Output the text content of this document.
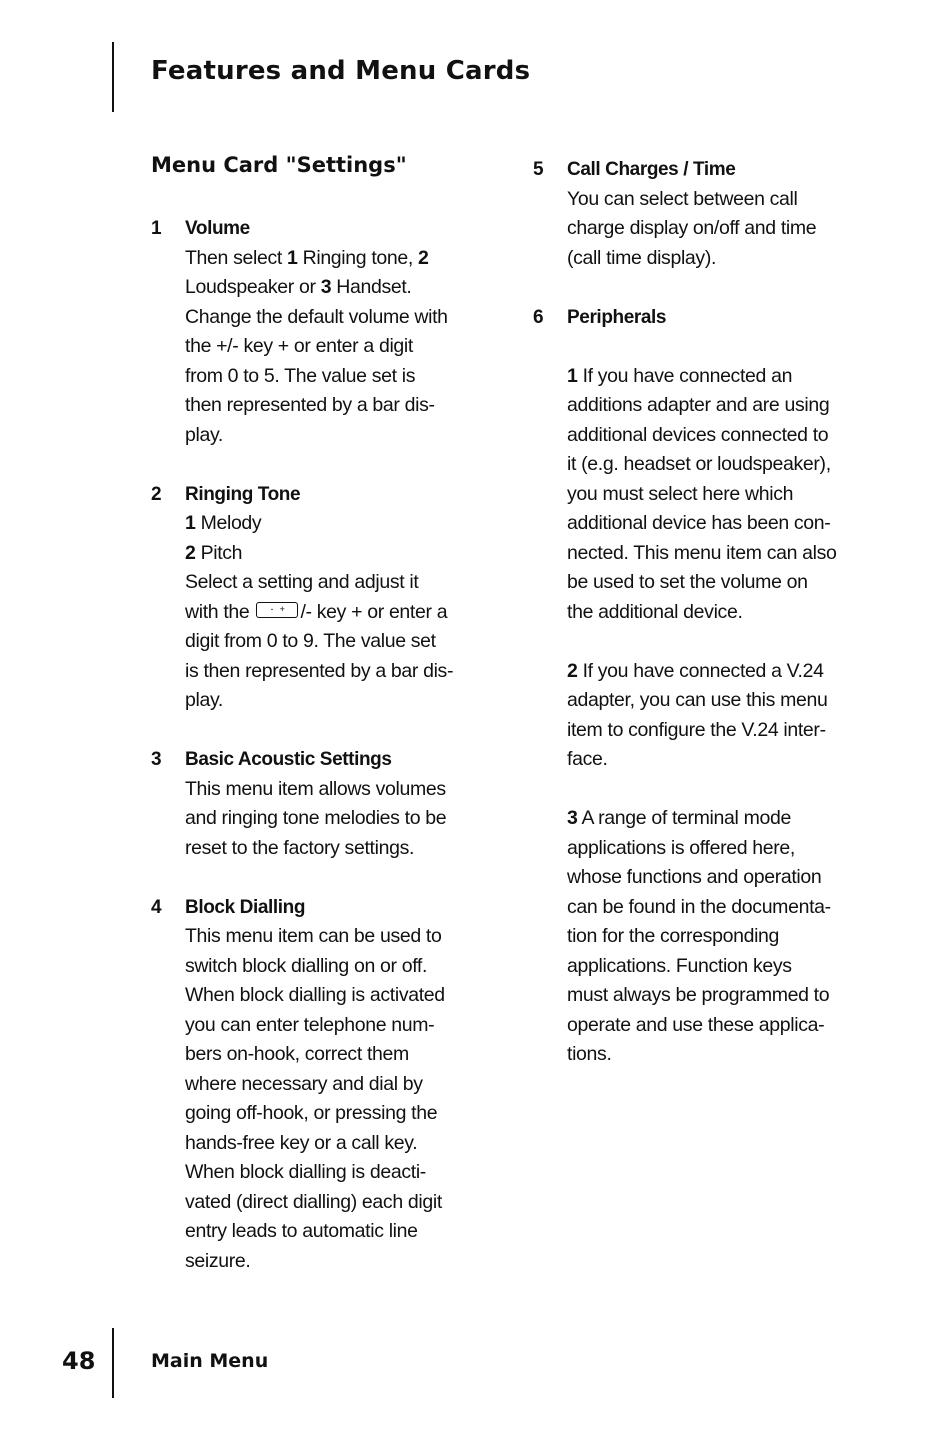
Features and Menu Cards
Menu Card "Settings"
1	Volume
Then select 1 Ringing tone, 2
Loudspeaker or 3 Handset.
Change the default volume with
the +/- key + or enter a digit
from 0 to 5. The value set is
then represented by a bar dis-
play.
2	Ringing Tone
1 Melody
2 Pitch
Select a setting and adjust it
with the - + /- key + or enter a
digit from 0 to 9. The value set
is then represented by a bar dis-
play.
3	Basic Acoustic Settings
This menu item allows volumes
and ringing tone melodies to be
reset to the factory settings.
4	Block Dialling
This menu item can be used to
switch block dialling on or off.
When block dialling is activated
you can enter telephone num-
bers on-hook, correct them
where necessary and dial by
going off-hook, or pressing the
hands-free key or a call key.
When block dialling is deacti-
vated (direct dialling) each digit
entry leads to automatic line
seizure.
5	Call Charges / Time
You can select between call
charge display on/off and time
(call time display).
6	Peripherals
1 If you have connected an
additions adapter and are using
additional devices connected to
it (e.g. headset or loudspeaker),
you must select here which
additional device has been con-
nected. This menu item can also
be used to set the volume on
the additional device.
2 If you have connected a V.24
adapter, you can use this menu
item to configure the V.24 inter-
face.
3 A range of terminal mode
applications is offered here,
whose functions and operation
can be found in the documenta-
tion for the corresponding
applications. Function keys
must always be programmed to
operate and use these applica-
tions.
48	Main Menu
